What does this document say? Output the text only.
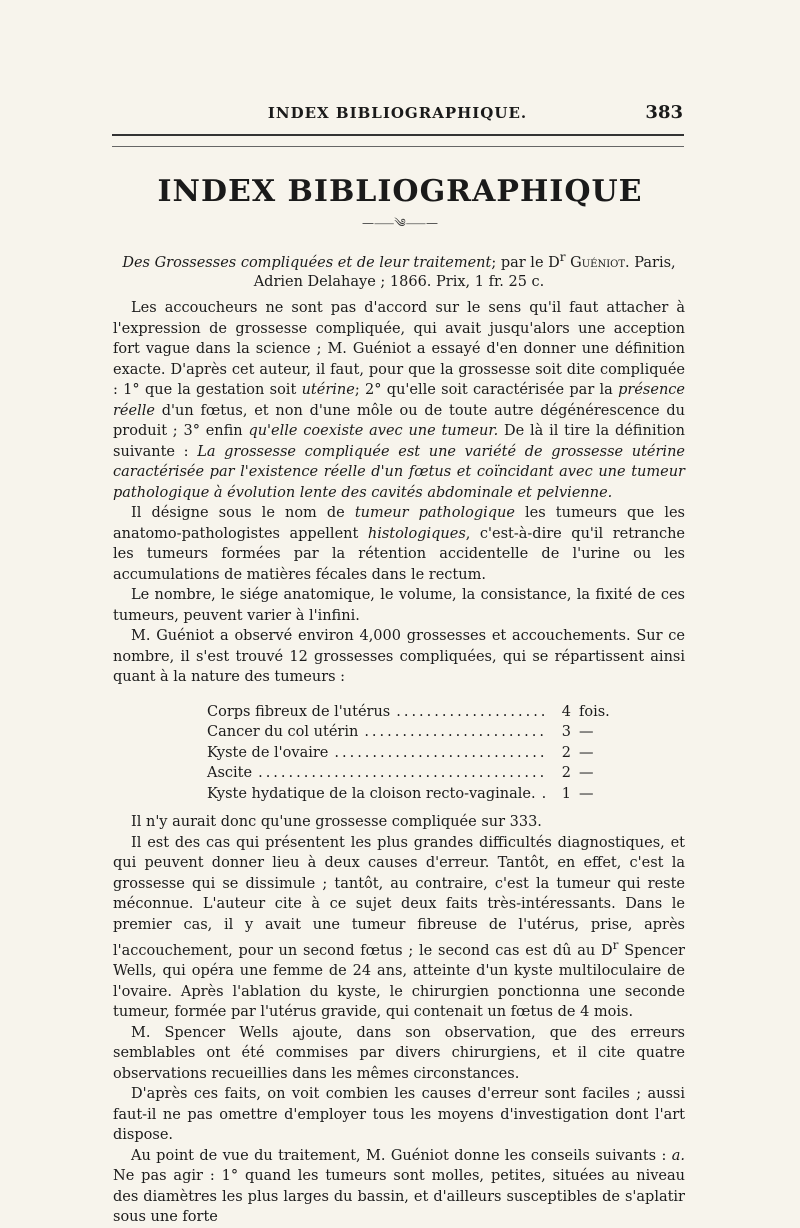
INDEX BIBLIOGRAPHIQUE.	383
INDEX BIBLIOGRAPHIQUE
—⸺༄⸺—
Des Grossesses compliquées et de leur traitement; par le $D^r$ Guéniot. Paris, Adrien Delahaye ; 1866. Prix, 1 fr. 25 c.

Les accoucheurs ne sont pas d'accord sur le sens qu'il faut attacher à l'expression de grossesse compliquée, qui avait jusqu'alors une acception fort vague dans la science ; M. Guéniot a essayé d'en donner une définition exacte. D'après cet auteur, il faut, pour que la grossesse soit dite compliquée : 1° que la gestation soit utérine; 2° qu'elle soit caractérisée par la présence réelle d'un fœtus, et non d'une môle ou de toute autre dégénérescence du produit ; 3° enfin qu'elle coexiste avec une tumeur. De là il tire la définition suivante : La grossesse compliquée est une variété de grossesse utérine caractérisée par l'existence réelle d'un fœtus et coïncidant avec une tumeur pathologique à évolution lente des cavités abdominale et pelvienne.

Il désigne sous le nom de tumeur pathologique les tumeurs que les anatomo-pathologistes appellent histologiques, c'est-à-dire qu'il retranche les tumeurs formées par la rétention accidentelle de l'urine ou les accumulations de matières fécales dans le rectum.

Le nombre, le siége anatomique, le volume, la consistance, la fixité de ces tumeurs, peuvent varier à l'infini.

M. Guéniot a observé environ 4,000 grossesses et accouchements. Sur ce nombre, il s'est trouvé 12 grossesses compliquées, qui se répartissent ainsi quant à la nature des tumeurs :

Corps fibreux de l'utérus .....	4 fois.
Cancer du col utérin .....	3 —
Kyste de l'ovaire .....	2 —
Ascite .....	2 —
Kyste hydatique de la cloison recto-vaginale. .....	1 —

Il n'y aurait donc qu'une grossesse compliquée sur 333.

Il est des cas qui présentent les plus grandes difficultés diagnostiques, et qui peuvent donner lieu à deux causes d'erreur. Tantôt, en effet, c'est la grossesse qui se dissimule ; tantôt, au contraire, c'est la tumeur qui reste méconnue. L'auteur cite à ce sujet deux faits très-intéressants. Dans le premier cas, il y avait une tumeur fibreuse de l'utérus, prise, après l'accouchement, pour un second fœtus ; le second cas est dû au $D^r$ Spencer Wells, qui opéra une femme de 24 ans, atteinte d'un kyste multiloculaire de l'ovaire. Après l'ablation du kyste, le chirurgien ponctionna une seconde tumeur, formée par l'utérus gravide, qui contenait un fœtus de 4 mois.

M. Spencer Wells ajoute, dans son observation, que des erreurs semblables ont été commises par divers chirurgiens, et il cite quatre observations recueillies dans les mêmes circonstances.

D'après ces faits, on voit combien les causes d'erreur sont faciles ; aussi faut-il ne pas omettre d'employer tous les moyens d'investigation dont l'art dispose.

Au point de vue du traitement, M. Guéniot donne les conseils suivants : a. Ne pas agir : 1° quand les tumeurs sont molles, petites, situées au niveau des diamètres les plus larges du bassin, et d'ailleurs susceptibles de s'aplatir sous une forte
